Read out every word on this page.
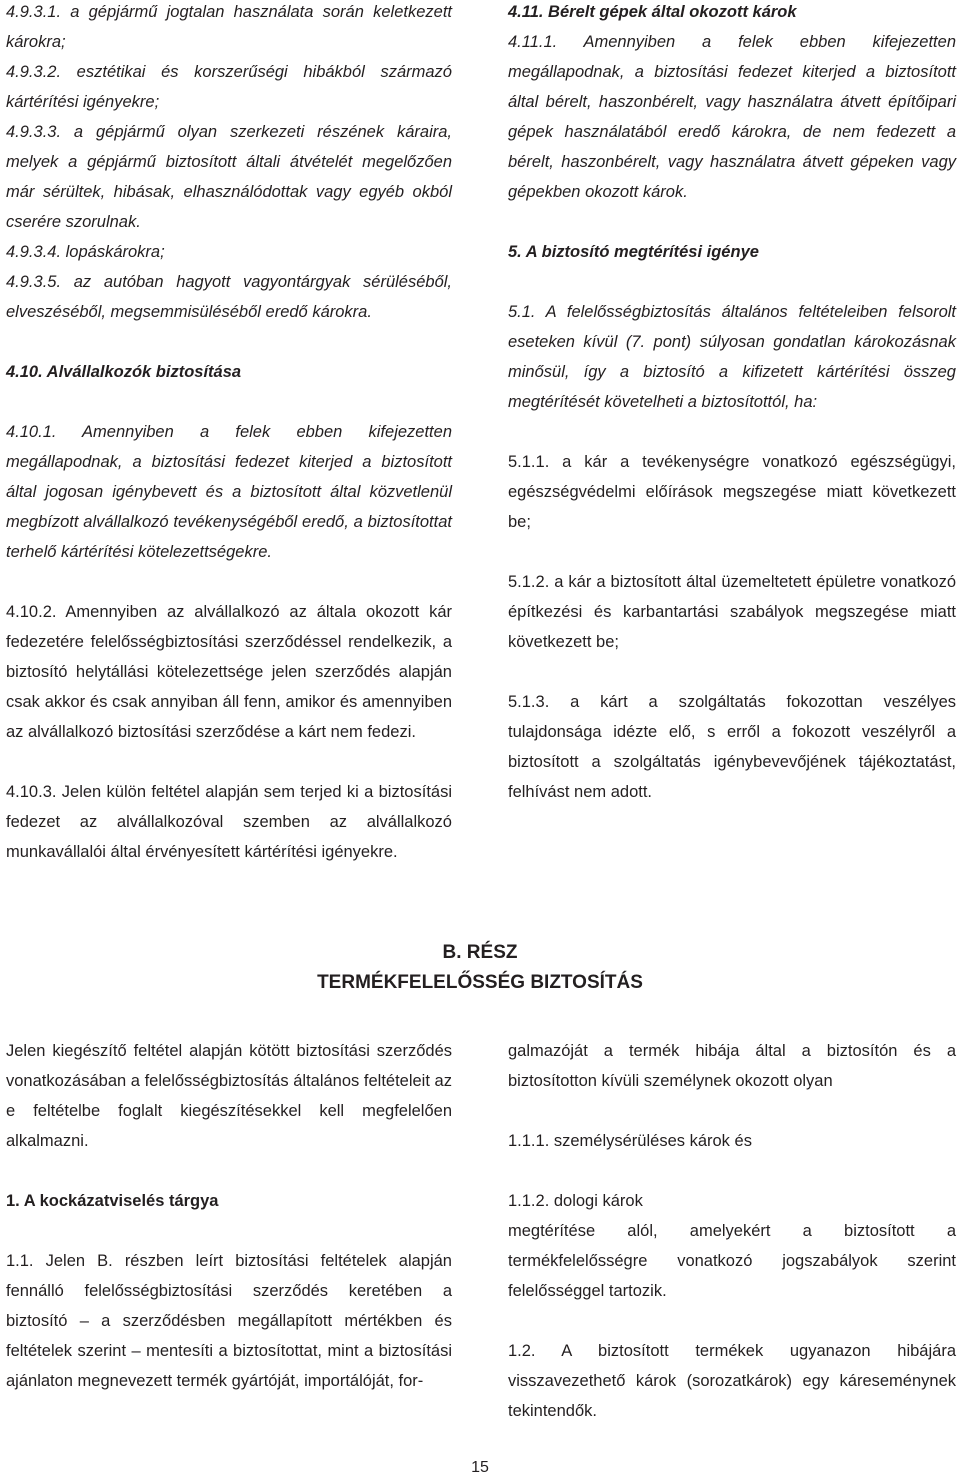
4.9.3.1. a gépjármű jogtalan használata során keletkezett károkra;

4.9.3.2. esztétikai és korszerűségi hibákból származó kártérítési igényekre;

4.9.3.3. a gépjármű olyan szerkezeti részének káraira, melyek a gépjármű biztosított általi átvételét megelőzően már sérültek, hibásak, elhasználódottak vagy egyéb okból cserére szorulnak.

4.9.3.4. lopáskárokra;

4.9.3.5. az autóban hagyott vagyontárgyak sérüléséből, elveszéséből, megsemmisüléséből eredő károkra.

4.10. Alvállalkozók biztosítása

4.10.1. Amennyiben a felek ebben kifejezetten megállapodnak, a biztosítási fedezet kiterjed a biztosított által jogosan igénybevett és a biztosított által közvetlenül megbízott alvállalkozó tevékenységéből eredő, a biztosítottat terhelő kártérítési kötelezettségekre.

4.10.2. Amennyiben az alvállalkozó az általa okozott kár fedezetére felelősségbiztosítási szerződéssel rendelkezik, a biztosító helytállási kötelezettsége jelen szerződés alapján csak akkor és csak annyiban áll fenn, amikor és amennyiben az alvállalkozó biztosítási szerződése a kárt nem fedezi.

4.10.3. Jelen külön feltétel alapján sem terjed ki a biztosítási fedezet az alvállalkozóval szemben az alvállalkozó munkavállalói által érvényesített kártérítési igényekre.

4.11. Bérelt gépek által okozott károk

4.11.1. Amennyiben a felek ebben kifejezetten megállapodnak, a biztosítási fedezet kiterjed a biztosított által bérelt, haszonbérelt, vagy használatra átvett építőipari gépek használatából eredő károkra, de nem fedezett a bérelt, haszonbérelt, vagy használatra átvett gépeken vagy gépekben okozott károk.

5. A biztosító megtérítési igénye

5.1. A felelősségbiztosítás általános feltételeiben felsorolt eseteken kívül (7. pont) súlyosan gondatlan károkozásnak minősül, így a biztosító a kifizetett kártérítési összeg megtérítését követelheti a biztosítottól, ha:

5.1.1. a kár a tevékenységre vonatkozó egészségügyi, egészségvédelmi előírások megszegése miatt következett be;

5.1.2. a kár a biztosított által üzemeltetett épületre vonatkozó építkezési és karbantartási szabályok megszegése miatt következett be;

5.1.3. a kárt a szolgáltatás fokozottan veszélyes tulajdonsága idézte elő, s erről a fokozott veszélyről a biztosított a szolgáltatás igénybevevőjének tájékoztatást, felhívást nem adott.

B. RÉSZ
TERMÉKFELELŐSSÉG BIZTOSÍTÁS

Jelen kiegészítő feltétel alapján kötött biztosítási szerződés vonatkozásában a felelősségbiztosítás általános feltételeit az e feltételbe foglalt kiegészítésekkel kell megfelelően alkalmazni.

1. A kockázatviselés tárgya

1.1. Jelen B. részben leírt biztosítási feltételek alapján fennálló felelősségbiztosítási szerződés keretében a biztosító – a szerződésben megállapított mértékben és feltételek szerint – mentesíti a biztosítottat, mint a biztosítási ajánlaton megnevezett termék gyártóját, importálóját, for-

galmazóját a termék hibája által a biztosítón és a biztosítotton kívüli személynek okozott olyan

1.1.1. személysérüléses károk és

1.1.2. dologi károk

megtérítése alól, amelyekért a biztosított a termékfelelősségre vonatkozó jogszabályok szerint felelősséggel tartozik.

1.2. A biztosított termékek ugyanazon hibájára visszavezethető károk (sorozatkárok) egy káreseménynek tekintendők.

15
